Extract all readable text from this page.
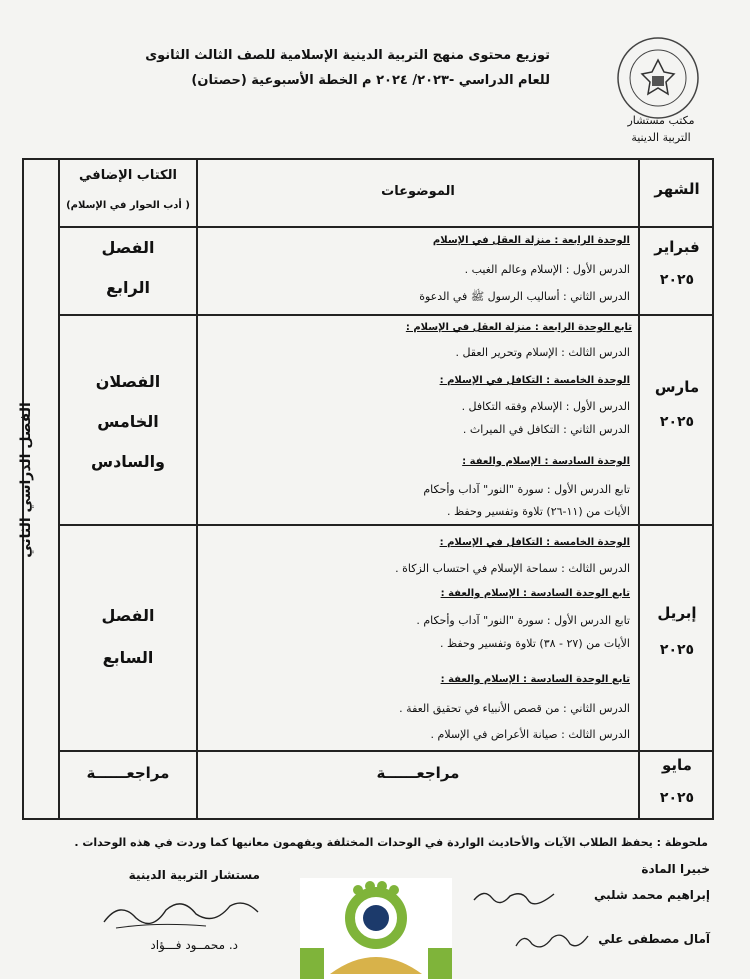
توزيع محتوى منهج التربية الدينية الإسلامية للصف الثالث الثانوى
للعام الدراسي -٢٠٢٣/ ٢٠٢٤ م الخطة الأسبوعية (حصتان)
مكتب مستشار
التربية الدينية
الفصل الدراسي الثاني
الشهر
الموضوعات
الكتاب الإضافي
( أدب الحوار في الإسلام)
فبراير
٢٠٢٥
الفصل
الرابع
الوحدة الرابعة : منزلة العقل في الإسلام
الدرس الأول : الإسلام وعالم الغيب .
الدرس الثاني : أساليب الرسول ﷺ في الدعوة
مارس
٢٠٢٥
الفصلان
الخامس
والسادس
تابع الوحدة الرابعة : منزلة العقل في الإسلام :
الدرس الثالث : الإسلام وتحرير العقل .
الوحدة الخامسة : التكافل في الإسلام :
الدرس الأول : الإسلام وفقه التكافل .
الدرس الثاني : التكافل في الميراث .
الوحدة السادسة : الإسلام والعفة :
تابع الدرس الأول : سورة "النور" آداب وأحكام
الأيات من (١١-٢٦) تلاوة وتفسير وحفظ .
إبريل
٢٠٢٥
الفصل
السابع
الوحدة الخامسة : التكافل في الإسلام :
الدرس الثالث : سماحة الإسلام في احتساب الزكاة .
تابع الوحدة السادسة : الإسلام والعفة :
تابع الدرس الأول : سورة "النور" آداب وأحكام .
الأيات من (٢٧ - ٣٨) تلاوة وتفسير وحفظ .
تابع الوحدة السادسة : الإسلام والعفة :
الدرس الثاني : من قصص الأنبياء في تحقيق العفة .
الدرس الثالث : صيانة الأعراض في الإسلام .
مايو
٢٠٢٥
مراجعــــــة
مراجعــــــة
ملحوظة : يحفظ الطلاب الآيات والأحاديث الواردة في الوحدات المختلفة ويفهمون معانيها كما وردت في هذه الوحدات .
خبيرا المادة
إبراهيم محمد شلبي
آمال مصطفى علي
مستشار التربية الدينية
د. محمــود فـــؤاد
